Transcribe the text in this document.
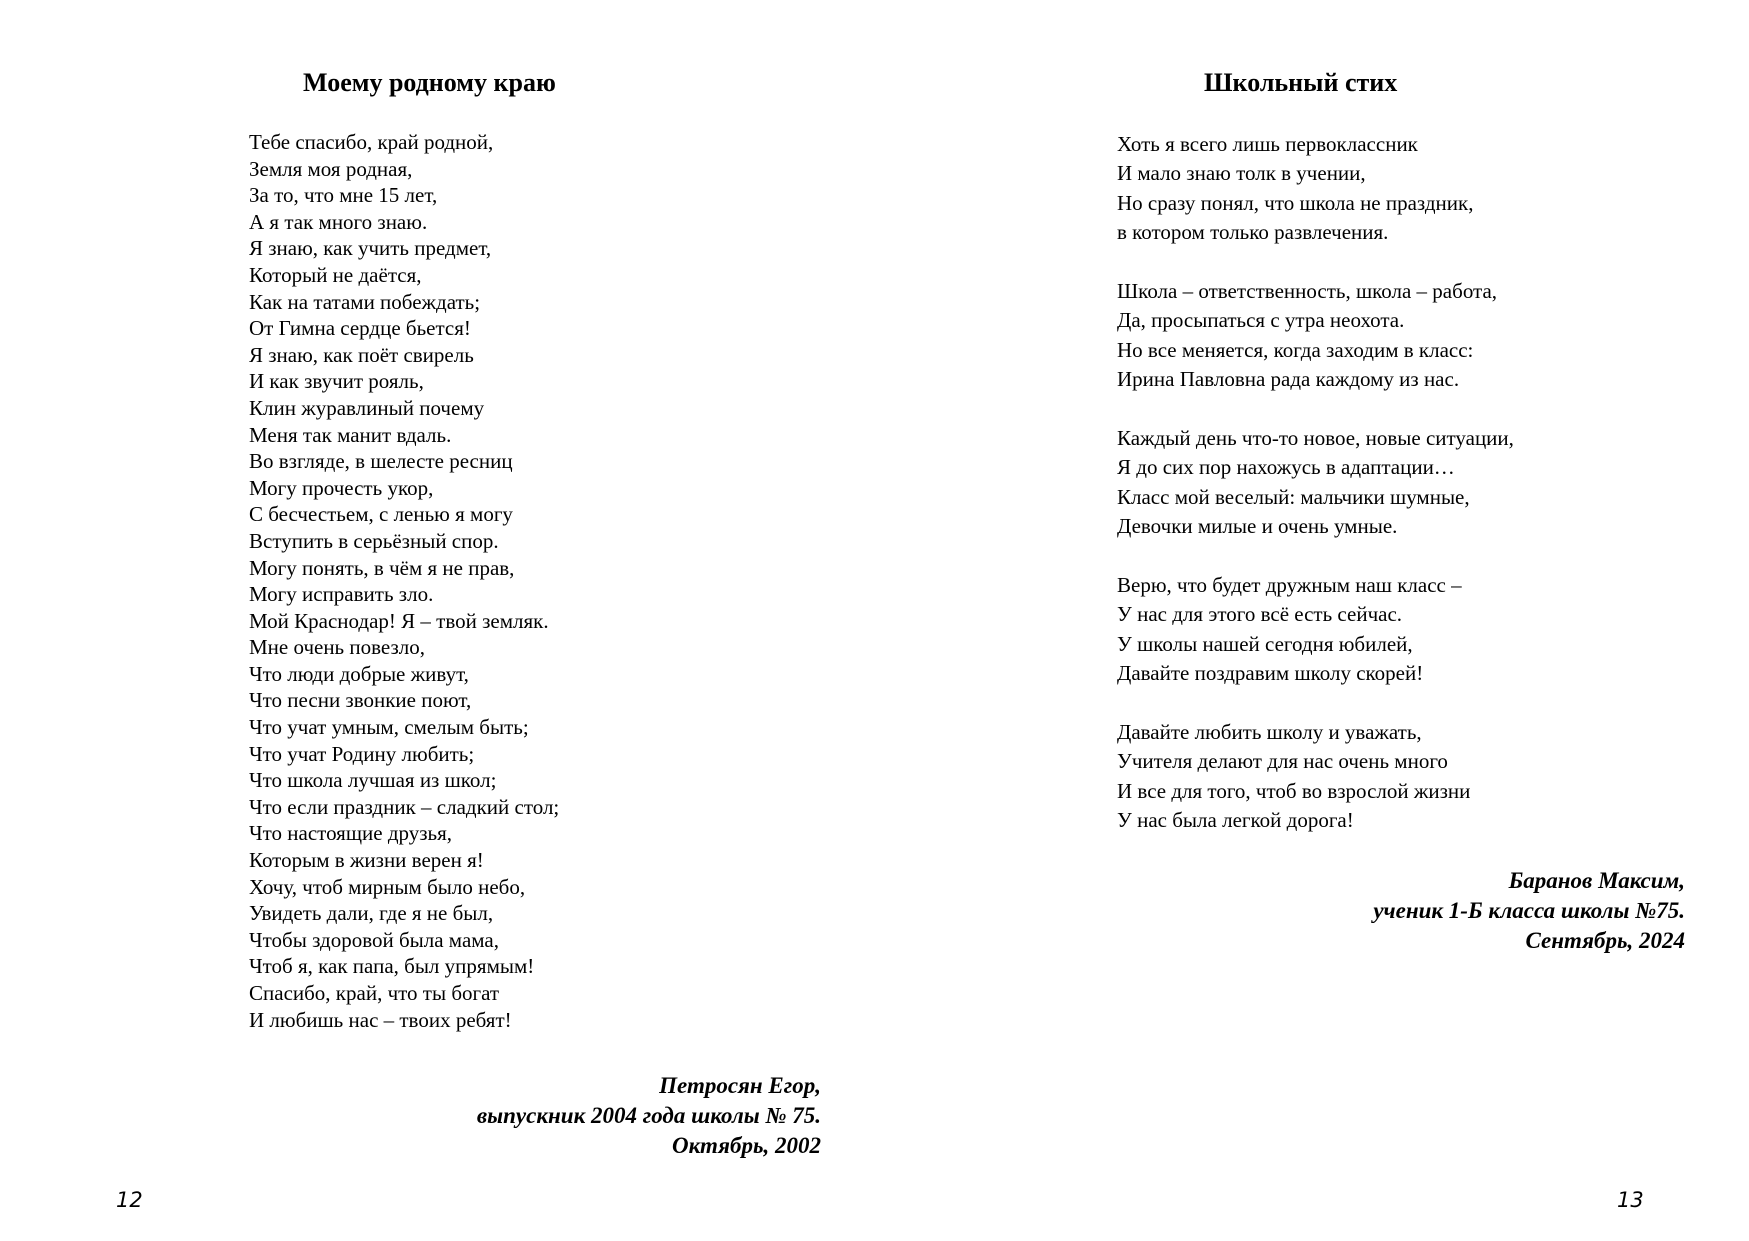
Моему родному краю
Тебе спасибо, край родной,
Земля моя родная,
За то, что мне 15 лет,
А я так много знаю.
Я знаю, как учить предмет,
Который не даётся,
Как на татами побеждать;
От Гимна сердце бьется!
Я знаю, как поёт свирель
И как звучит рояль,
Клин журавлиный почему
Меня так манит вдаль.
Во взгляде, в шелесте ресниц
Могу прочесть укор,
С бесчестьем, с ленью я могу
Вступить в серьёзный спор.
Могу понять, в чём я не прав,
Могу исправить зло.
Мой Краснодар! Я – твой земляк.
Мне очень повезло,
Что люди добрые живут,
Что песни звонкие поют,
Что учат умным, смелым быть;
Что учат Родину любить;
Что школа лучшая из школ;
Что если праздник – сладкий стол;
Что настоящие друзья,
Которым в жизни верен я!
Хочу, чтоб мирным было небо,
Увидеть дали, где я не был,
Чтобы здоровой была мама,
Чтоб я, как папа, был упрямым!
Спасибо, край, что ты богат
И любишь нас – твоих ребят!
Петросян Егор,
выпускник 2004 года школы № 75.
Октябрь, 2002
12
Школьный стих
Хоть я всего лишь первоклассник
И мало знаю толк в учении,
Но сразу понял, что школа не праздник,
в котором только развлечения.
Школа – ответственность, школа – работа,
Да, просыпаться с утра неохота.
Но все меняется, когда заходим в класс:
Ирина Павловна рада каждому из нас.
Каждый день что-то новое, новые ситуации,
Я до сих пор нахожусь в адаптации…
Класс мой веселый: мальчики шумные,
Девочки милые и очень умные.
Верю, что будет дружным наш класс –
У нас для этого всё есть сейчас.
У школы нашей сегодня юбилей,
Давайте поздравим школу скорей!
Давайте любить школу и уважать,
Учителя делают для нас очень много
И все для того, чтоб во взрослой жизни
У нас была легкой дорога!
Баранов Максим,
ученик 1-Б класса школы №75.
Сентябрь, 2024
13
